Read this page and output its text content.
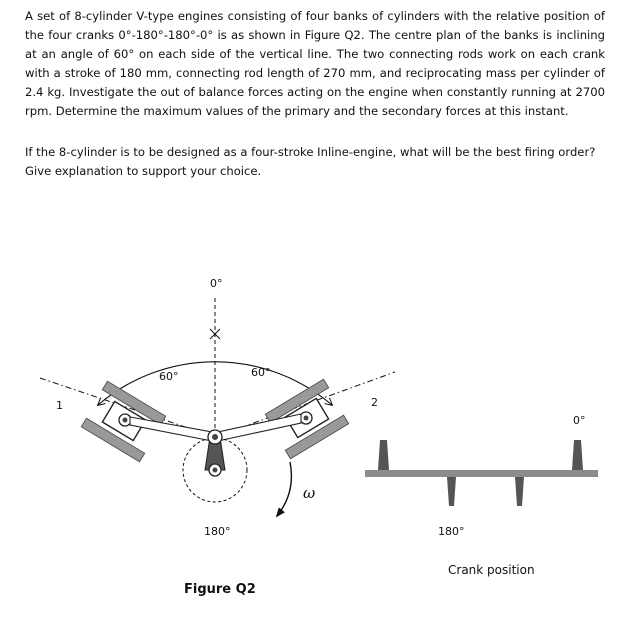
A set of 8-cylinder V-type engines consisting of four banks of cylinders with the relative position of the four cranks 0°-180°-180°-0° is as shown in Figure Q2. The centre plan of the banks is inclining at an angle of 60° on each side of the vertical line. The two connecting rods work on each crank with a stroke of 180 mm, connecting rod length of 270 mm, and reciprocating mass per cylinder of 2.4 kg. Investigate the out of balance forces acting on the engine when constantly running at 2700 rpm. Determine the maximum values of the primary and the secondary forces at this instant.
If the 8-cylinder is to be designed as a four-stroke Inline-engine, what will be the best firing order? Give explanation to support your choice.
0°
60°	60°
1	2
ω
180°
Figure Q2
0°
180°
Crank position
